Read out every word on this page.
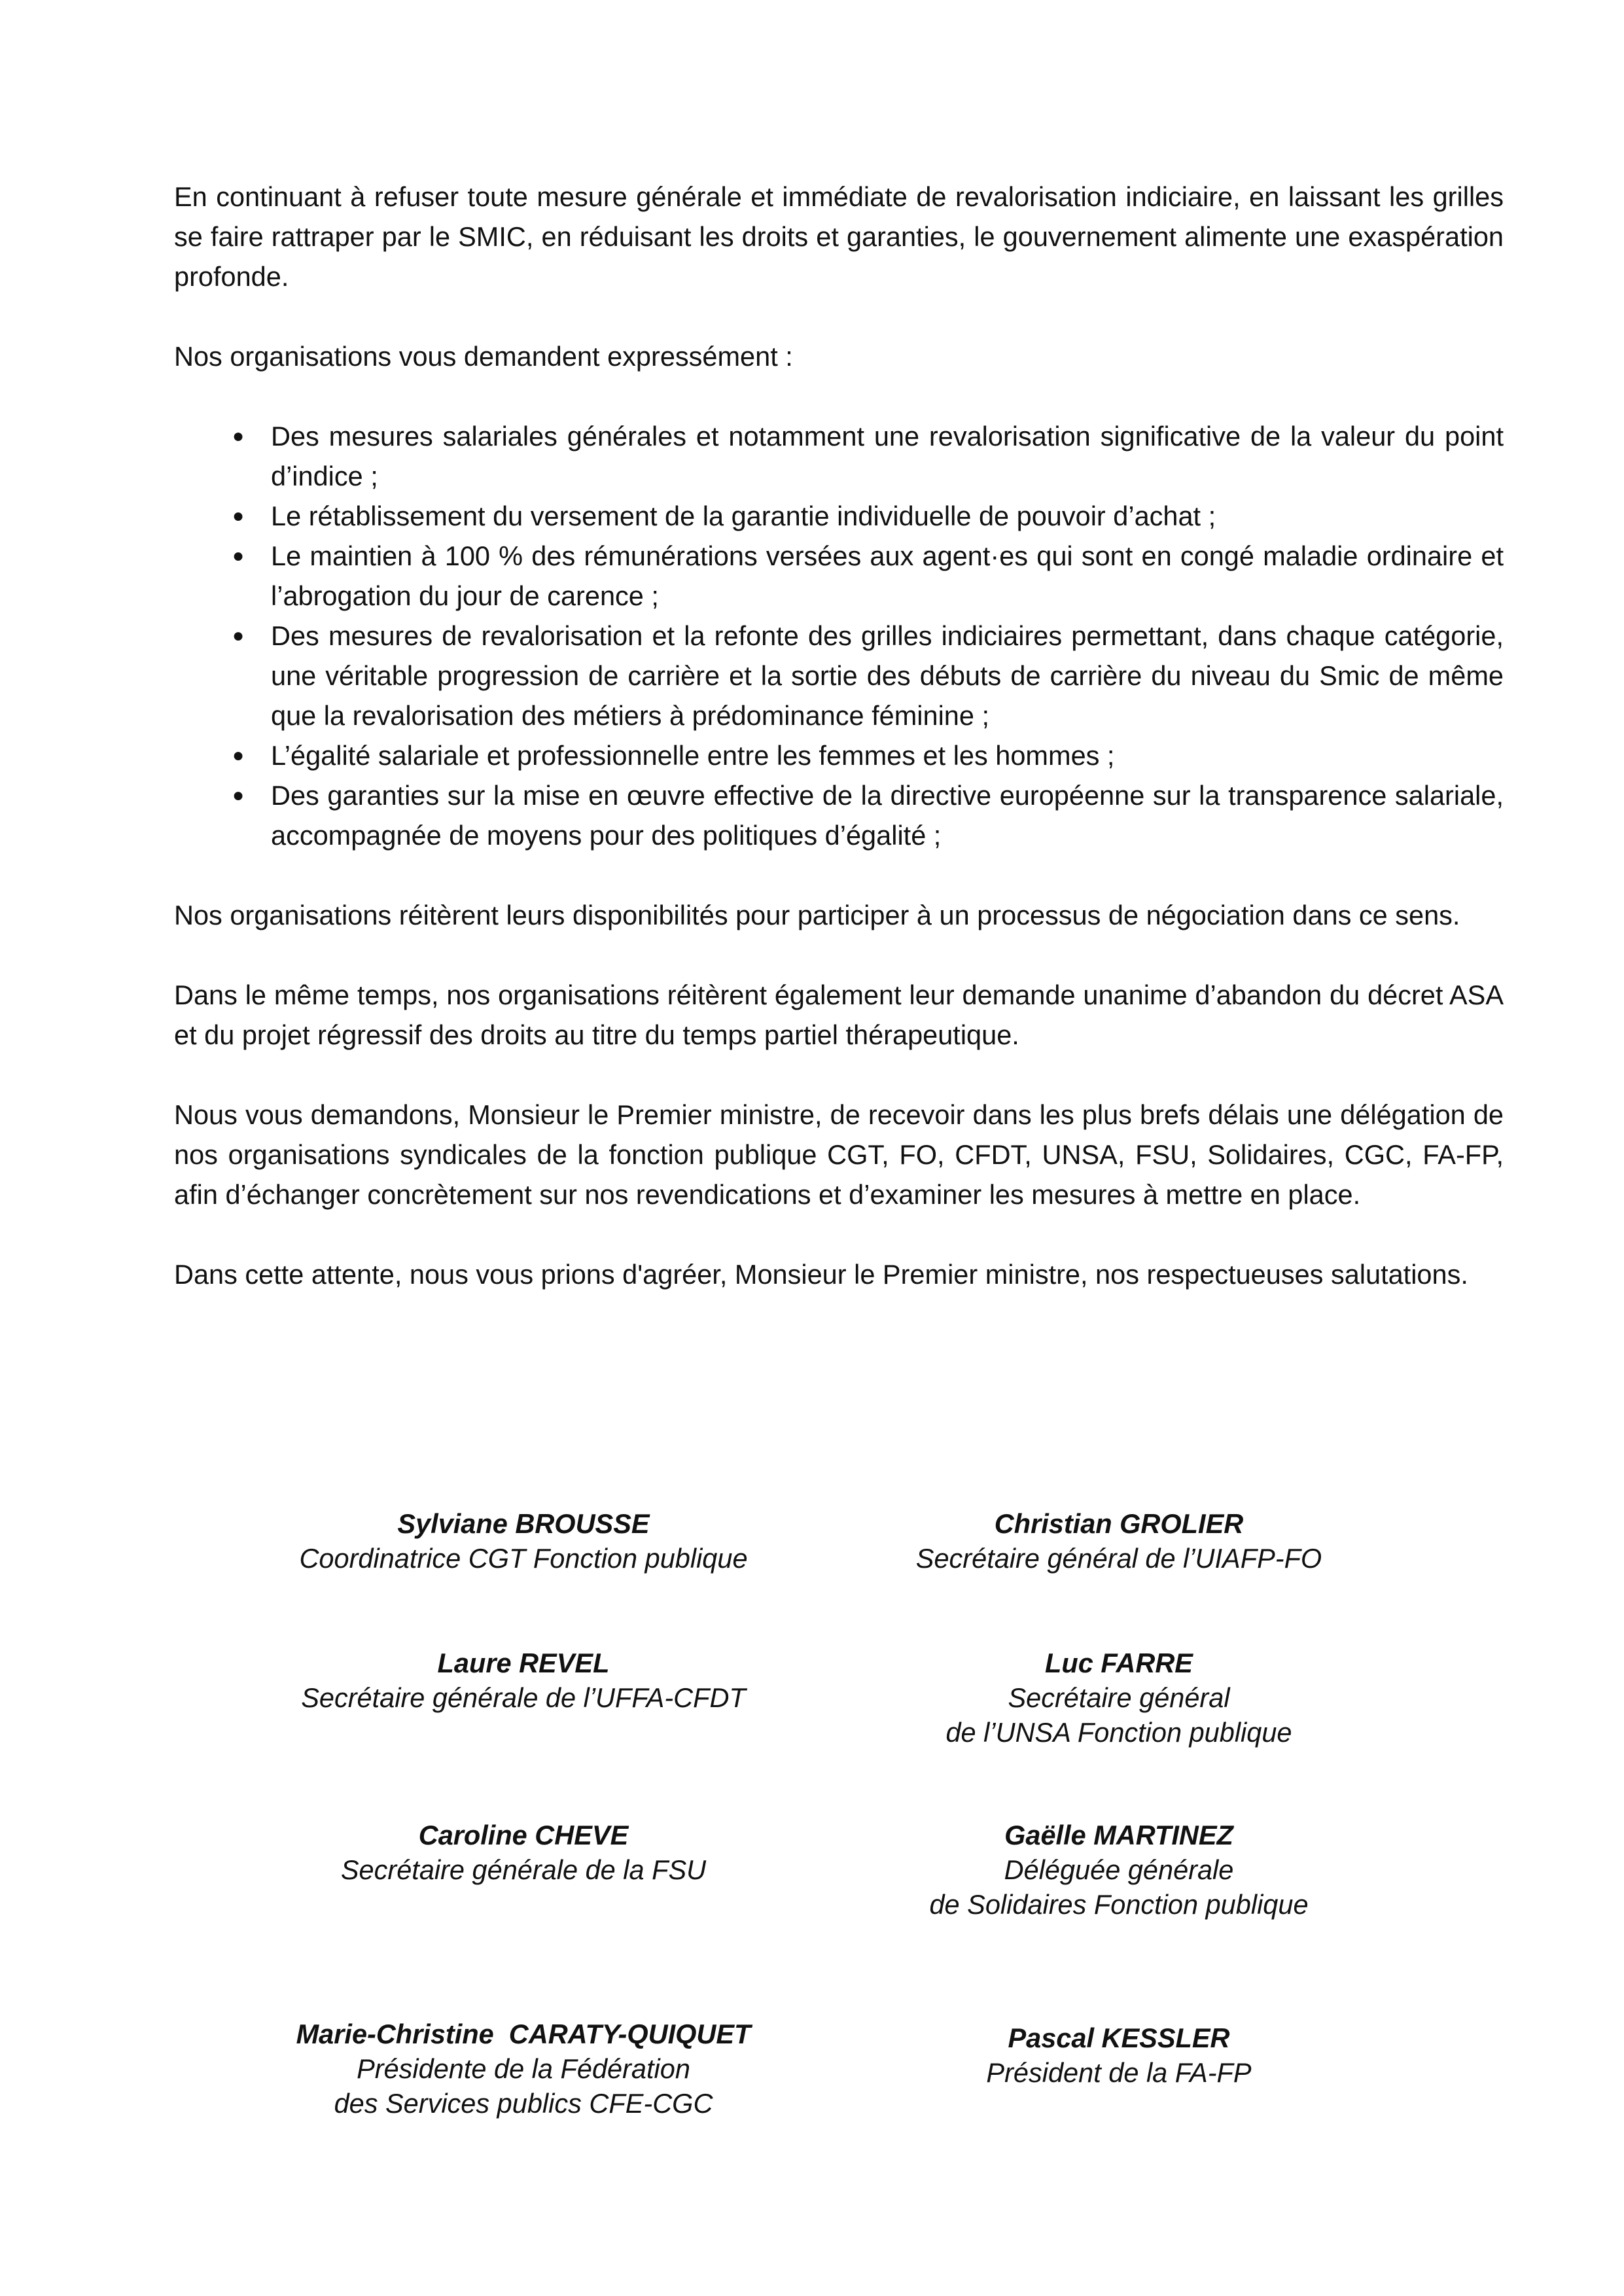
En continuant à refuser toute mesure générale et immédiate de revalorisation indiciaire, en laissant les grilles se faire rattraper par le SMIC, en réduisant les droits et garanties, le gouvernement alimente une exaspération profonde.

Nos organisations vous demandent expressément :

● Des mesures salariales générales et notamment une revalorisation significative de la valeur du point d’indice ;
● Le rétablissement du versement de la garantie individuelle de pouvoir d’achat ;
● Le maintien à 100 % des rémunérations versées aux agent·es qui sont en congé maladie ordinaire et l’abrogation du jour de carence ;
● Des mesures de revalorisation et la refonte des grilles indiciaires permettant, dans chaque catégorie, une véritable progression de carrière et la sortie des débuts de carrière du niveau du Smic de même que la revalorisation des métiers à prédominance féminine ;
● L’égalité salariale et professionnelle entre les femmes et les hommes ;
● Des garanties sur la mise en œuvre effective de la directive européenne sur la transparence salariale, accompagnée de moyens pour des politiques d’égalité ;

Nos organisations réitèrent leurs disponibilités pour participer à un processus de négociation dans ce sens.

Dans le même temps, nos organisations réitèrent également leur demande unanime d’abandon du décret ASA et du projet régressif des droits au titre du temps partiel thérapeutique.

Nous vous demandons, Monsieur le Premier ministre, de recevoir dans les plus brefs délais une délégation de nos organisations syndicales de la fonction publique CGT, FO, CFDT, UNSA, FSU, Solidaires, CGC, FA-FP, afin d’échanger concrètement sur nos revendications et d’examiner les mesures à mettre en place.

Dans cette attente, nous vous prions d'agréer, Monsieur le Premier ministre, nos respectueuses salutations.

Sylviane BROUSSE
Coordinatrice CGT Fonction publique
Christian GROLIER
Secrétaire général de l’UIAFP-FO
Laure REVEL
Secrétaire générale de l’UFFA-CFDT
Luc FARRE
Secrétaire général
de l’UNSA Fonction publique
Caroline CHEVE
Secrétaire générale de la FSU
Gaëlle MARTINEZ
Déléguée générale
de Solidaires Fonction publique
Marie-Christine  CARATY-QUIQUET
Présidente de la Fédération
des Services publics CFE-CGC
Pascal KESSLER
Président de la FA-FP
